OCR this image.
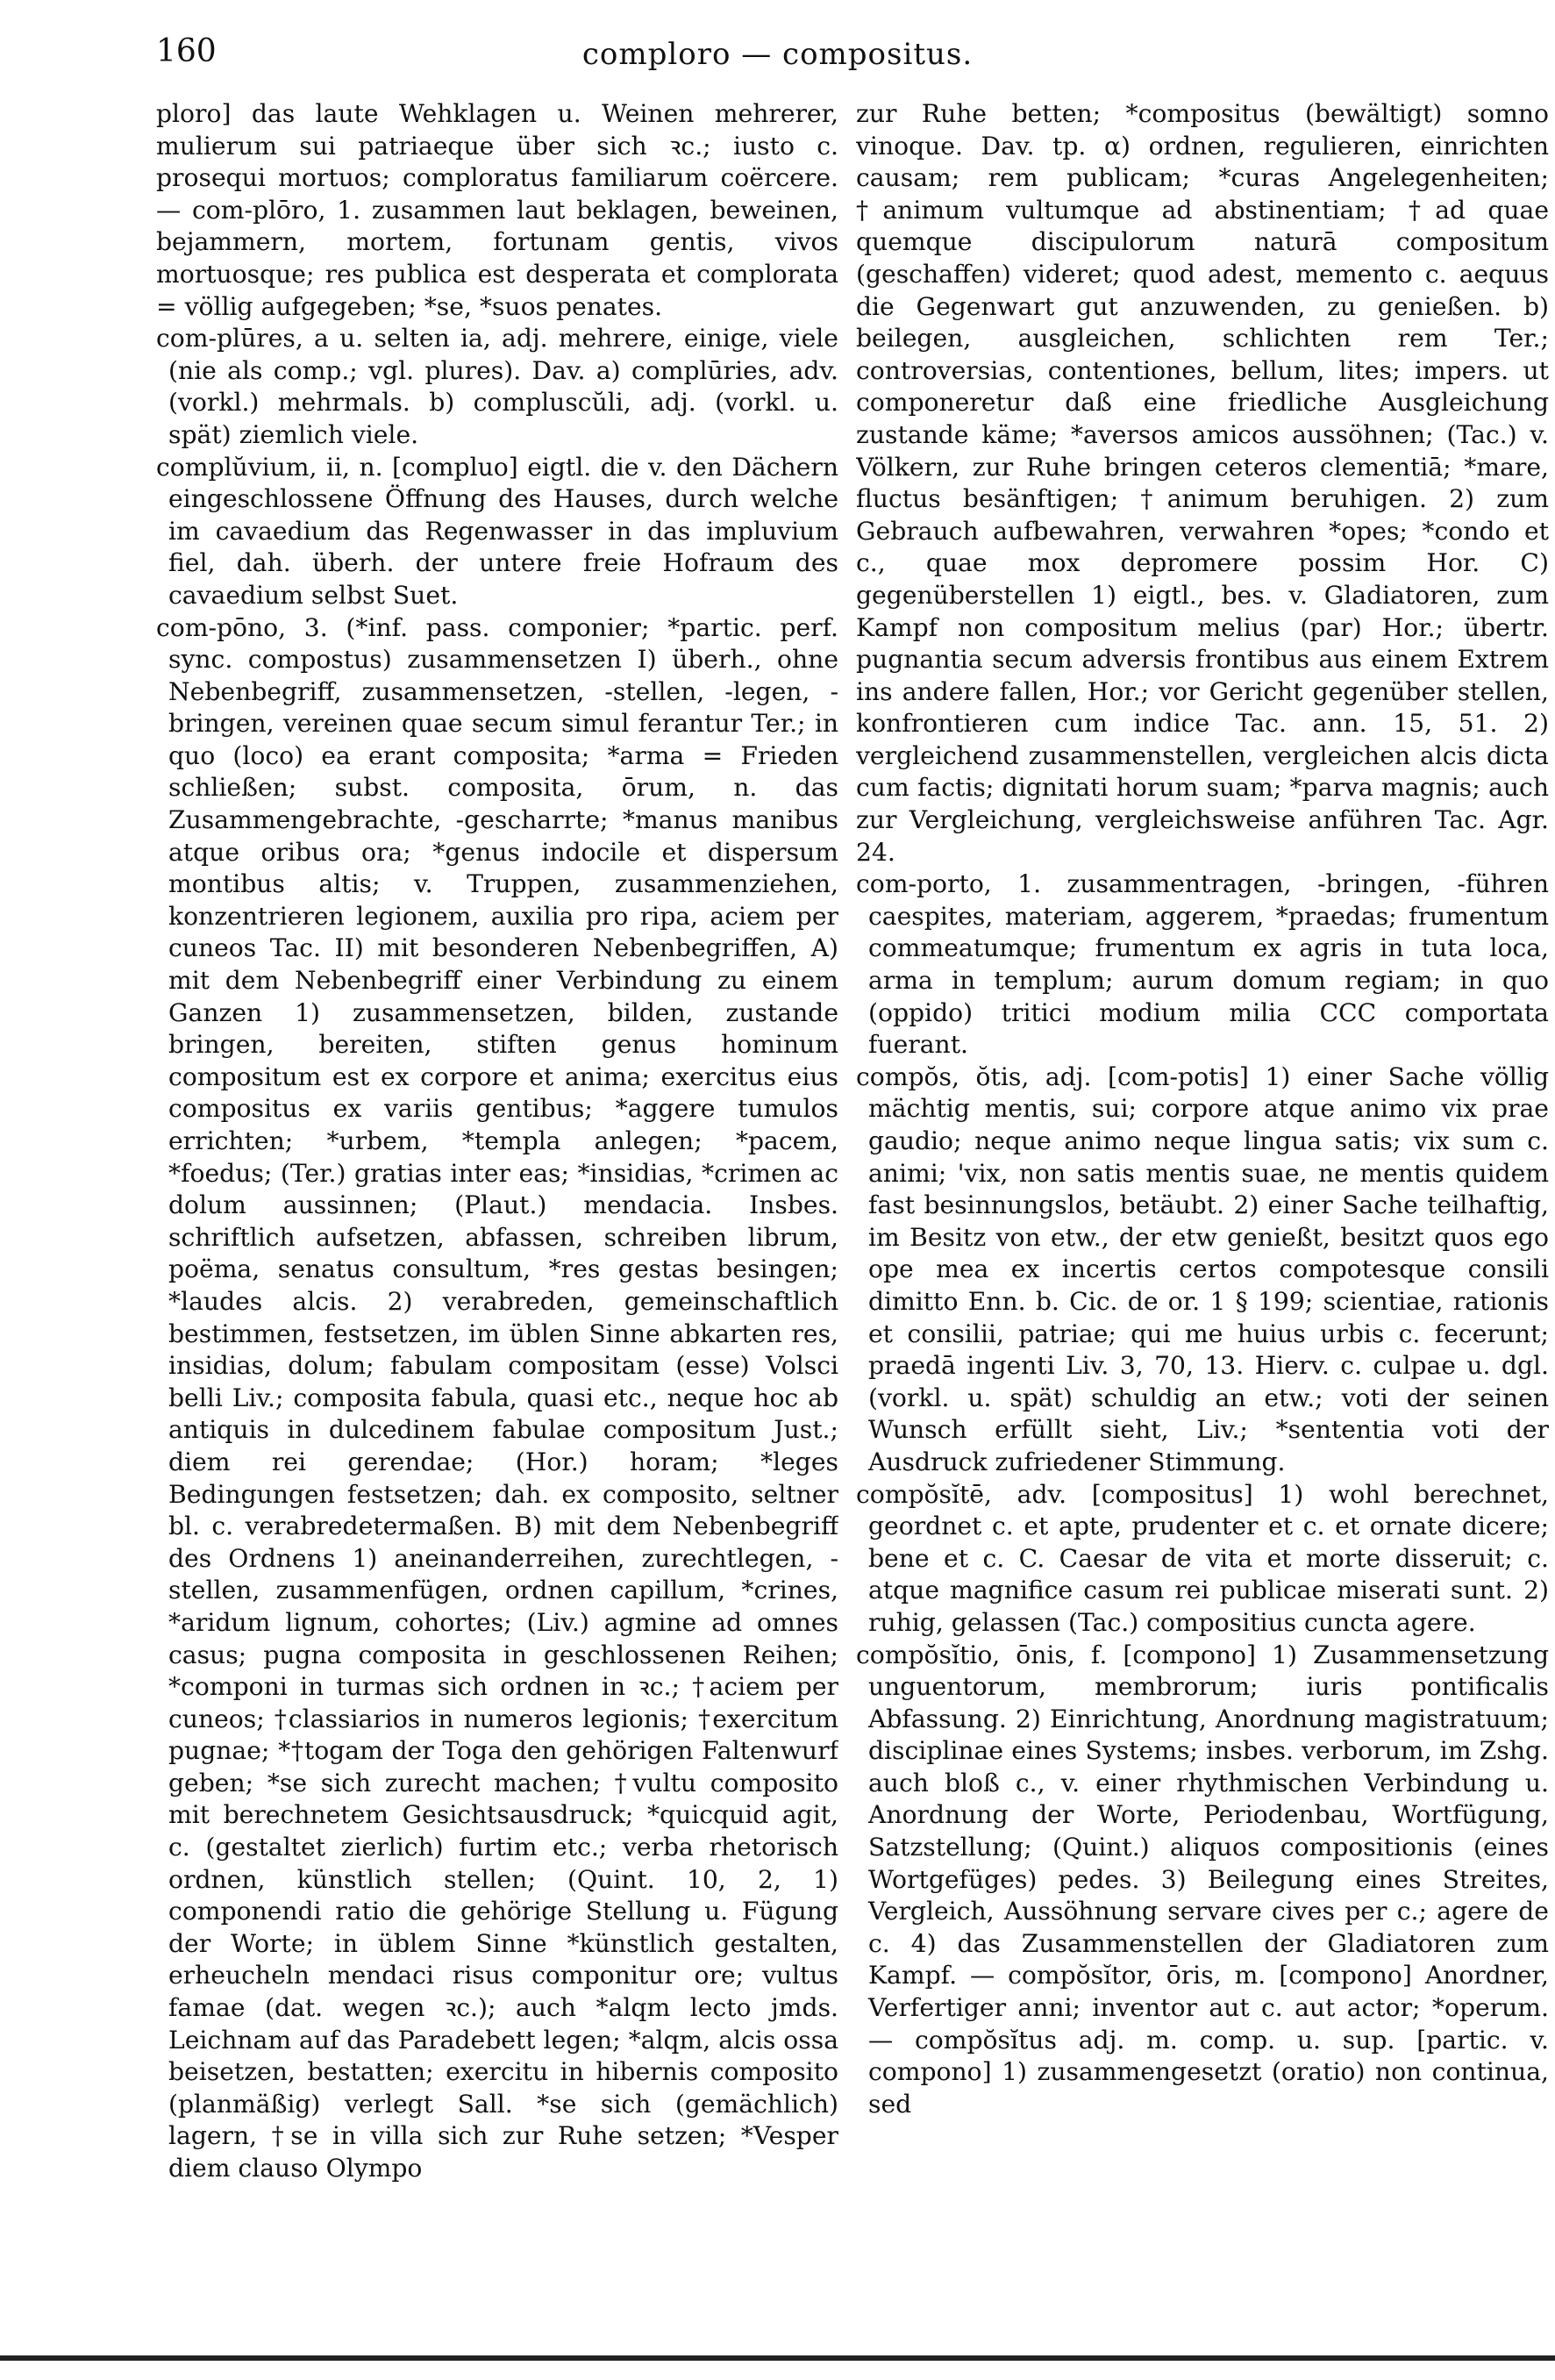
160	comploro — compositus.

ploro] das laute Wehklagen u. Weinen mehrerer, mulierum sui patriaeque über sich ꝛc.; iusto c. prosequi mortuos; comploratus familiarum coërcere. — com-plōro, 1. zusammen laut beklagen, beweinen, bejammern, mortem, fortunam gentis, vivos mortuosque; res publica est desperata et complorata = völlig aufgegeben; *se, *suos penates.

com-plūres, a u. selten ia, adj. mehrere, einige, viele (nie als comp.; vgl. plures). Dav. a) complūries, adv. (vorkl.) mehrmals. b) compluscŭli, adj. (vorkl. u. spät) ziemlich viele.

complŭvium, ii, n. [compluo] eigtl. die v. den Dächern eingeschlossene Öffnung des Hauses, durch welche im cavaedium das Regenwasser in das impluvium fiel, dah. überh. der untere freie Hofraum des cavaedium selbst Suet.

com-pōno, 3. (*inf. pass. componier; *partic. perf. sync. compostus) zusammensetzen I) überh., ohne Nebenbegriff, zusammensetzen, -stellen, -legen, -bringen, vereinen quae secum simul ferantur Ter.; in quo (loco) ea erant composita; *arma = Frieden schließen; subst. composita, ōrum, n. das Zusammengebrachte, -gescharrte; *manus manibus atque oribus ora; *genus indocile et dispersum montibus altis; v. Truppen, zusammenziehen, konzentrieren legionem, auxilia pro ripa, aciem per cuneos Tac. II) mit besonderen Nebenbegriffen, A) mit dem Nebenbegriff einer Verbindung zu einem Ganzen 1) zusammensetzen, bilden, zustande bringen, bereiten, stiften genus hominum compositum est ex corpore et anima; exercitus eius compositus ex variis gentibus; *aggere tumulos errichten; *urbem, *templa anlegen; *pacem, *foedus; (Ter.) gratias inter eas; *insidias, *crimen ac dolum aussinnen; (Plaut.) mendacia. Insbes. schriftlich aufsetzen, abfassen, schreiben librum, poëma, senatus consultum, *res gestas besingen; *laudes alcis. 2) verabreden, gemeinschaftlich bestimmen, festsetzen, im üblen Sinne abkarten res, insidias, dolum; fabulam compositam (esse) Volsci belli Liv.; composita fabula, quasi etc., neque hoc ab antiquis in dulcedinem fabulae compositum Just.; diem rei gerendae; (Hor.) horam; *leges Bedingungen festsetzen; dah. ex composito, seltner bl. c. verabredetermaßen. B) mit dem Nebenbegriff des Ordnens 1) aneinanderreihen, zurechtlegen, -stellen, zusammenfügen, ordnen capillum, *crines, *aridum lignum, cohortes; (Liv.) agmine ad omnes casus; pugna composita in geschlossenen Reihen; *componi in turmas sich ordnen in ꝛc.; †aciem per cuneos; †classiarios in numeros legionis; †exercitum pugnae; *†togam der Toga den gehörigen Faltenwurf geben; *se sich zurecht machen; †vultu composito mit berechnetem Gesichtsausdruck; *quicquid agit, c. (gestaltet zierlich) furtim etc.; verba rhetorisch ordnen, künstlich stellen; (Quint. 10, 2, 1) componendi ratio die gehörige Stellung u. Fügung der Worte; in üblem Sinne *künstlich gestalten, erheucheln mendaci risus componitur ore; vultus famae (dat. wegen ꝛc.); auch *alqm lecto jmds. Leichnam auf das Paradebett legen; *alqm, alcis ossa beisetzen, bestatten; exercitu in hibernis composito (planmäßig) verlegt Sall. *se sich (gemächlich) lagern, †se in villa sich zur Ruhe setzen; *Vesper diem clauso Olympo

zur Ruhe betten; *compositus (bewältigt) somno vinoque. Dav. tp. α) ordnen, regulieren, einrichten causam; rem publicam; *curas Angelegenheiten; †animum vultumque ad abstinentiam; †ad quae quemque discipulorum naturā compositum (geschaffen) videret; quod adest, memento c. aequus die Gegenwart gut anzuwenden, zu genießen. b) beilegen, ausgleichen, schlichten rem Ter.; controversias, contentiones, bellum, lites; impers. ut componeretur daß eine friedliche Ausgleichung zustande käme; *aversos amicos aussöhnen; (Tac.) v. Völkern, zur Ruhe bringen ceteros clementiā; *mare, fluctus besänftigen; †animum beruhigen. 2) zum Gebrauch aufbewahren, verwahren *opes; *condo et c., quae mox depromere possim Hor. C) gegenüberstellen 1) eigtl., bes. v. Gladiatoren, zum Kampf non compositum melius (par) Hor.; übertr. pugnantia secum adversis frontibus aus einem Extrem ins andere fallen, Hor.; vor Gericht gegenüber stellen, konfrontieren cum indice Tac. ann. 15, 51. 2) vergleichend zusammenstellen, vergleichen alcis dicta cum factis; dignitati horum suam; *parva magnis; auch zur Vergleichung, vergleichsweise anführen Tac. Agr. 24.

com-porto, 1. zusammentragen, -bringen, -führen caespites, materiam, aggerem, *praedas; frumentum commeatumque; frumentum ex agris in tuta loca, arma in templum; aurum domum regiam; in quo (oppido) tritici modium milia CCC comportata fuerant.

compŏs, ŏtis, adj. [com-potis] 1) einer Sache völlig mächtig mentis, sui; corpore atque animo vix prae gaudio; neque animo neque lingua satis; vix sum c. animi; 'vix, non satis mentis suae, ne mentis quidem fast besinnungslos, betäubt. 2) einer Sache teilhaftig, im Besitz von etw., der etw genießt, besitzt quos ego ope mea ex incertis certos compotesque consili dimitto Enn. b. Cic. de or. 1 § 199; scientiae, rationis et consilii, patriae; qui me huius urbis c. fecerunt; praedā ingenti Liv. 3, 70, 13. Hierv. c. culpae u. dgl. (vorkl. u. spät) schuldig an etw.; voti der seinen Wunsch erfüllt sieht, Liv.; *sententia voti der Ausdruck zufriedener Stimmung.

compŏsĭtē, adv. [compositus] 1) wohl berechnet, geordnet c. et apte, prudenter et c. et ornate dicere; bene et c. C. Caesar de vita et morte disseruit; c. atque magnifice casum rei publicae miserati sunt. 2) ruhig, gelassen (Tac.) compositius cuncta agere.

compŏsĭtio, ōnis, f. [compono] 1) Zusammensetzung unguentorum, membrorum; iuris pontificalis Abfassung. 2) Einrichtung, Anordnung magistratuum; disciplinae eines Systems; insbes. verborum, im Zshg. auch bloß c., v. einer rhythmischen Verbindung u. Anordnung der Worte, Periodenbau, Wortfügung, Satzstellung; (Quint.) aliquos compositionis (eines Wortgefüges) pedes. 3) Beilegung eines Streites, Vergleich, Aussöhnung servare cives per c.; agere de c. 4) das Zusammenstellen der Gladiatoren zum Kampf. — compŏsĭtor, ōris, m. [compono] Anordner, Verfertiger anni; inventor aut c. aut actor; *operum. — compŏsĭtus adj. m. comp. u. sup. [partic. v. compono] 1) zusammengesetzt (oratio) non continua, sed
